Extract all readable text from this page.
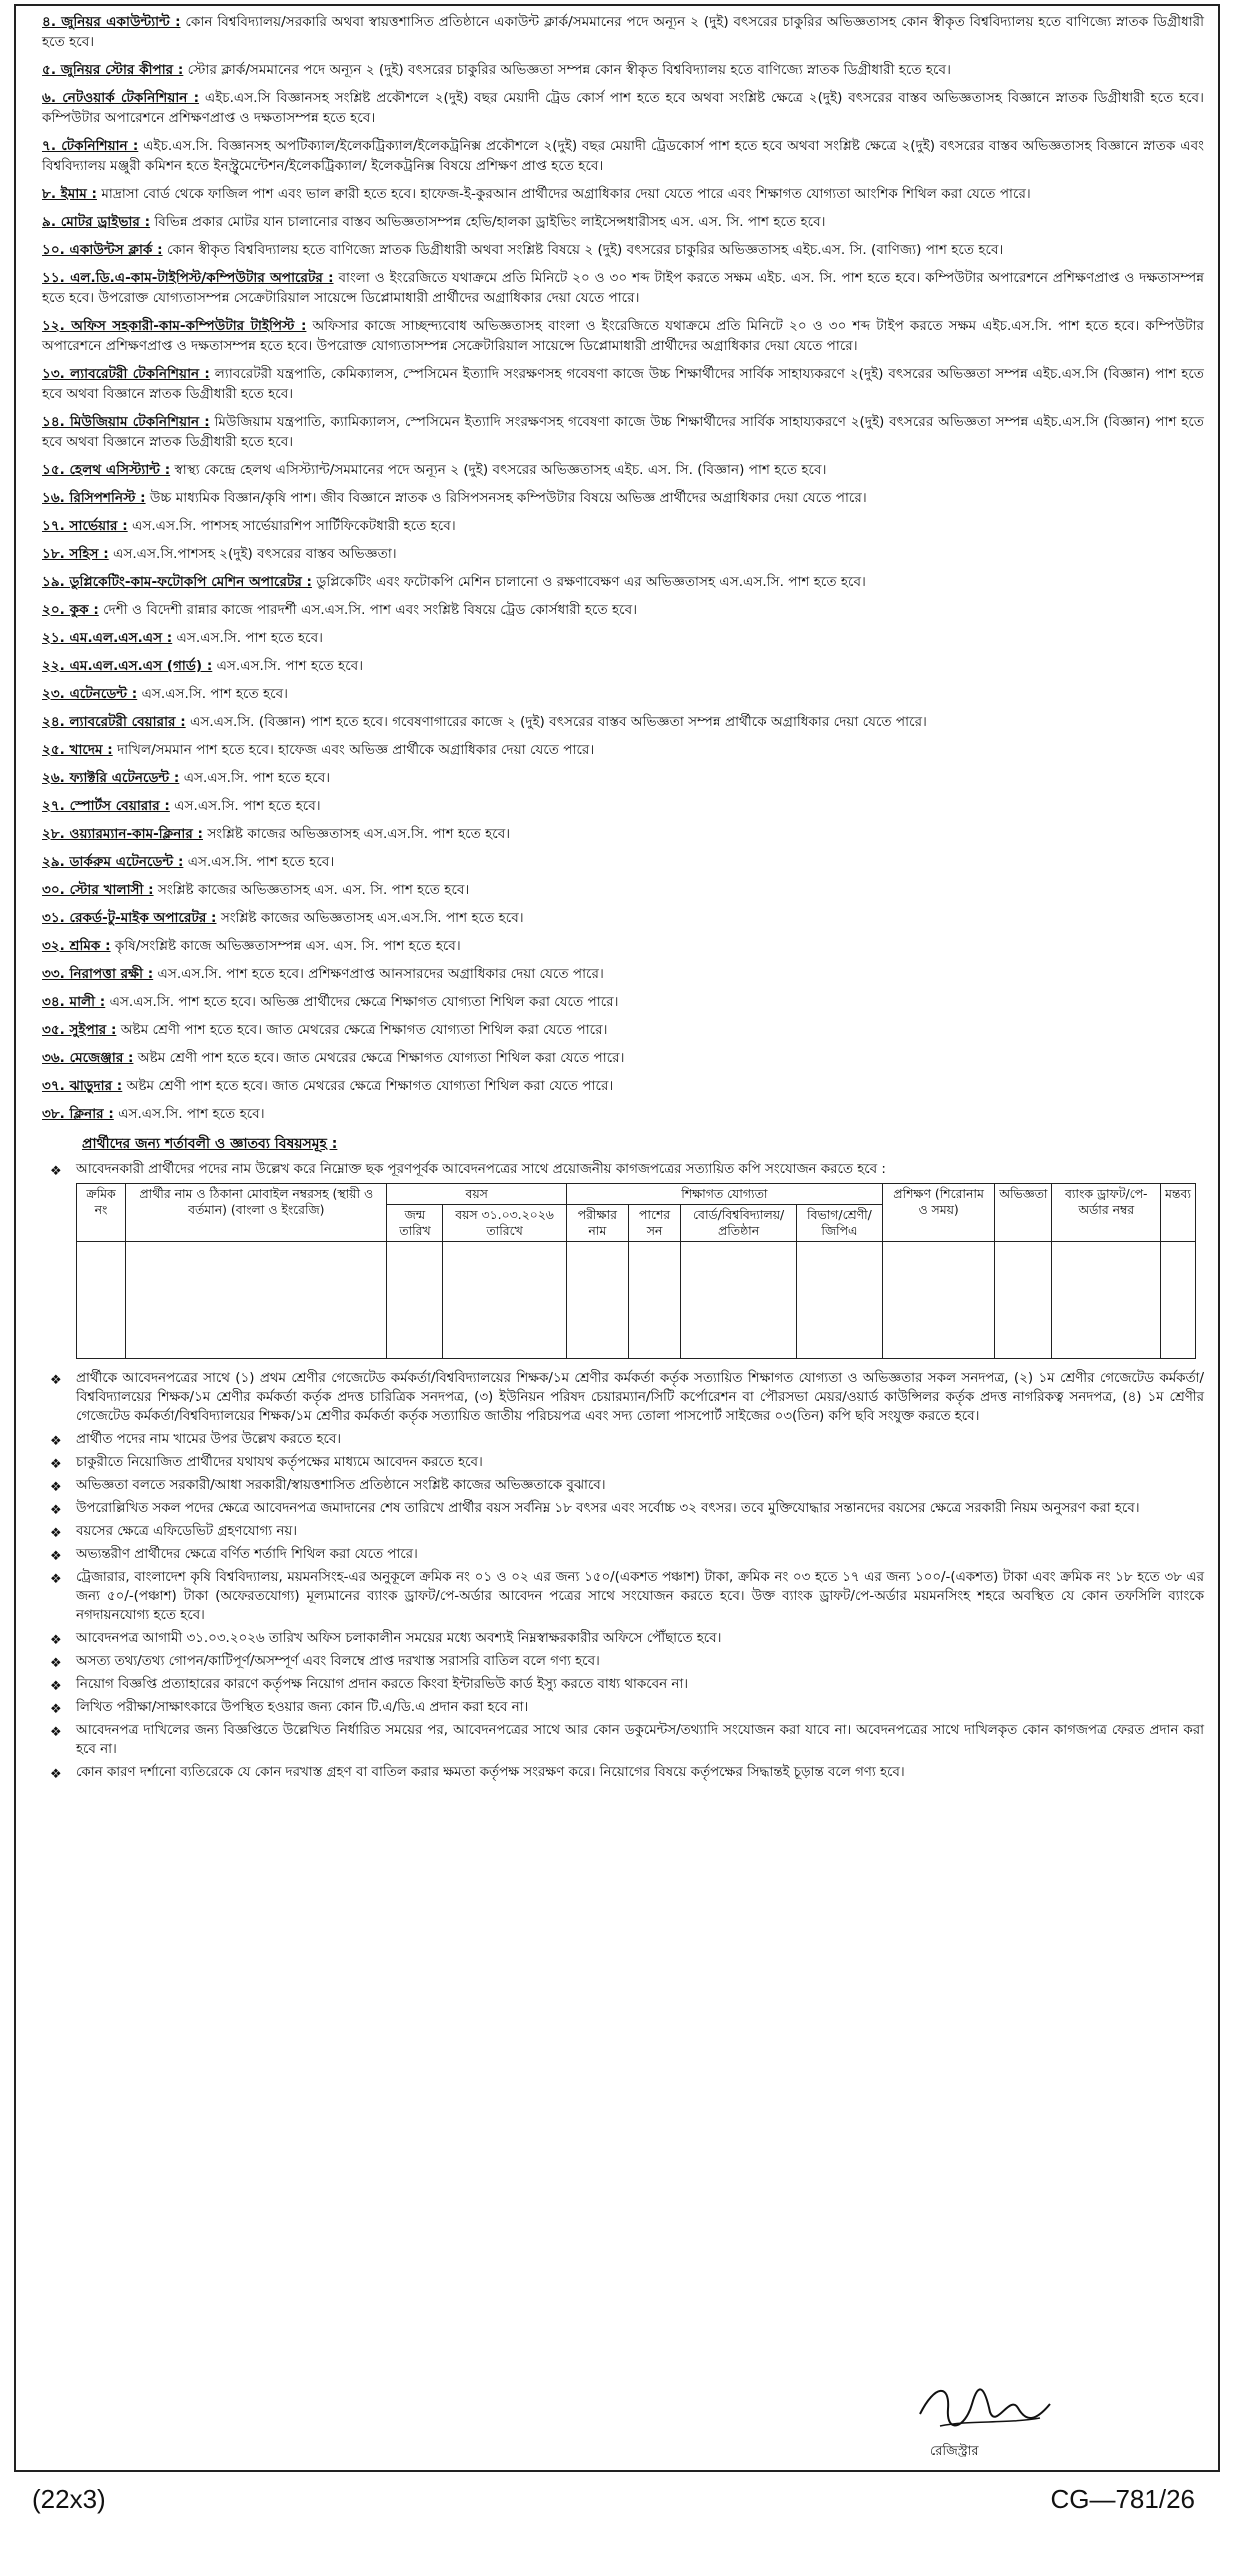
৪. জুনিয়র একাউন্ট্যান্ট : কোন বিশ্ববিদ্যালয়/সরকারি অথবা স্বায়ত্তশাসিত প্রতিষ্ঠানে একাউন্ট ক্লার্ক/সমমানের পদে অন্যূন ২ (দুই) বৎসরের চাকুরির অভিজ্ঞতাসহ কোন স্বীকৃত বিশ্ববিদ্যালয় হতে বাণিজ্যে স্নাতক ডিগ্রীধারী হতে হবে।
৫. জুনিয়র স্টোর কীপার : স্টোর ক্লার্ক/সমমানের পদে অন্যূন ২ (দুই) বৎসরের চাকুরির অভিজ্ঞতা সম্পন্ন কোন স্বীকৃত বিশ্ববিদ্যালয় হতে বাণিজ্যে স্নাতক ডিগ্রীধারী হতে হবে।
৬. নেটওয়ার্ক টেকনিশিয়ান : এইচ.এস.সি বিজ্ঞানসহ সংশ্লিষ্ট প্রকৌশলে ২(দুই) বছর মেয়াদী ট্রেড কোর্স পাশ হতে হবে অথবা সংশ্লিষ্ট ক্ষেত্রে ২(দুই) বৎসরের বাস্তব অভিজ্ঞতাসহ বিজ্ঞানে স্নাতক ডিগ্রীধারী হতে হবে। কম্পিউটার অপারেশনে প্রশিক্ষণপ্রাপ্ত ও দক্ষতাসম্পন্ন হতে হবে।
৭. টেকনিশিয়ান : এইচ.এস.সি. বিজ্ঞানসহ অপটিক্যাল/ইলেকট্রিক্যাল/ইলেকট্রনিক্স প্রকৌশলে ২(দুই) বছর মেয়াদী ট্রেডকোর্স পাশ হতে হবে অথবা সংশ্লিষ্ট ক্ষেত্রে ২(দুই) বৎসরের বাস্তব অভিজ্ঞতাসহ বিজ্ঞানে স্নাতক এবং বিশ্ববিদ্যালয় মঞ্জুরী কমিশন হতে ইনস্ট্রুমেন্টেশন/ইলেকট্রিক্যাল/ ইলেকট্রনিক্স বিষয়ে প্রশিক্ষণ প্রাপ্ত হতে হবে।
৮. ইমাম : মাদ্রাসা বোর্ড থেকে ফাজিল পাশ এবং ভাল ক্বারী হতে হবে। হাফেজ-ই-কুরআন প্রার্থীদের অগ্রাধিকার দেয়া যেতে পারে এবং শিক্ষাগত যোগ্যতা আংশিক শিথিল করা যেতে পারে।
৯. মোটর ড্রাইভার : বিভিন্ন প্রকার মোটর যান চালানোর বাস্তব অভিজ্ঞতাসম্পন্ন হেভি/হালকা ড্রাইভিং লাইসেন্সধারীসহ এস. এস. সি. পাশ হতে হবে।
১০. একাউন্টস ক্লার্ক : কোন স্বীকৃত বিশ্ববিদ্যালয় হতে বাণিজ্যে স্নাতক ডিগ্রীধারী অথবা সংশ্লিষ্ট বিষয়ে ২ (দুই) বৎসরের চাকুরির অভিজ্ঞতাসহ এইচ.এস. সি. (বাণিজ্য) পাশ হতে হবে।
১১. এল.ডি.এ-কাম-টাইপিস্ট/কম্পিউটার অপারেটর : বাংলা ও ইংরেজিতে যথাক্রমে প্রতি মিনিটে ২০ ও ৩০ শব্দ টাইপ করতে সক্ষম এইচ. এস. সি. পাশ হতে হবে। কম্পিউটার অপারেশনে প্রশিক্ষণপ্রাপ্ত ও দক্ষতাসম্পন্ন হতে হবে। উপরোক্ত যোগ্যতাসম্পন্ন সেক্রেটারিয়াল সায়েন্সে ডিপ্লোমাধারী প্রার্থীদের অগ্রাধিকার দেয়া যেতে পারে।
১২. অফিস সহকারী-কাম-কম্পিউটার টাইপিস্ট : অফিসার কাজে সাচ্ছন্দ্যবোধ অভিজ্ঞতাসহ বাংলা ও ইংরেজিতে যথাক্রমে প্রতি মিনিটে ২০ ও ৩০ শব্দ টাইপ করতে সক্ষম এইচ.এস.সি. পাশ হতে হবে। কম্পিউটার অপারেশনে প্রশিক্ষণপ্রাপ্ত ও দক্ষতাসম্পন্ন হতে হবে। উপরোক্ত যোগ্যতাসম্পন্ন সেক্রেটারিয়াল সায়েন্সে ডিপ্লোমাধারী প্রার্থীদের অগ্রাধিকার দেয়া যেতে পারে।
১৩. ল্যাবরেটরী টেকনিশিয়ান : ল্যাবরেটরী যন্ত্রপাতি, কেমিক্যালস, স্পেসিমেন ইত্যাদি সংরক্ষণসহ গবেষণা কাজে উচ্চ শিক্ষার্থীদের সার্বিক সাহায্যকরণে ২(দুই) বৎসরের অভিজ্ঞতা সম্পন্ন এইচ.এস.সি (বিজ্ঞান) পাশ হতে হবে অথবা বিজ্ঞানে স্নাতক ডিগ্রীধারী হতে হবে।
১৪. মিউজিয়াম টেকনিশিয়ান : মিউজিয়াম যন্ত্রপাতি, ক্যামিক্যালস, স্পেসিমেন ইত্যাদি সংরক্ষণসহ গবেষণা কাজে উচ্চ শিক্ষার্থীদের সার্বিক সাহায্যকরণে ২(দুই) বৎসরের অভিজ্ঞতা সম্পন্ন এইচ.এস.সি (বিজ্ঞান) পাশ হতে হবে অথবা বিজ্ঞানে স্নাতক ডিগ্রীধারী হতে হবে।
১৫. হেলথ এসিস্ট্যান্ট : স্বাস্থ্য কেন্দ্রে হেলথ এসিস্ট্যান্ট/সমমানের পদে অন্যূন ২ (দুই) বৎসরের অভিজ্ঞতাসহ এইচ. এস. সি. (বিজ্ঞান) পাশ হতে হবে।
১৬. রিসিপশনিস্ট : উচ্চ মাধ্যমিক বিজ্ঞান/কৃষি পাশ। জীব বিজ্ঞানে স্নাতক ও রিসিপসনসহ কম্পিউটার বিষয়ে অভিজ্ঞ প্রার্থীদের অগ্রাধিকার দেয়া যেতে পারে।
১৭. সার্ভেয়ার : এস.এস.সি. পাশসহ সার্ভেয়ারশিপ সার্টিফিকেটধারী হতে হবে।
১৮. সহিস : এস.এস.সি.পাশসহ ২(দুই) বৎসরের বাস্তব অভিজ্ঞতা।
১৯. ডুপ্লিকেটিং-কাম-ফটোকপি মেশিন অপারেটর : ডুপ্লিকেটিং এবং ফটোকপি মেশিন চালানো ও রক্ষণাবেক্ষণ এর অভিজ্ঞতাসহ এস.এস.সি. পাশ হতে হবে।
২০. কুক : দেশী ও বিদেশী রান্নার কাজে পারদর্শী এস.এস.সি. পাশ এবং সংশ্লিষ্ট বিষয়ে ট্রেড কোর্সধারী হতে হবে।
২১. এম.এল.এস.এস : এস.এস.সি. পাশ হতে হবে।
২২. এম.এল.এস.এস (গার্ড) : এস.এস.সি. পাশ হতে হবে।
২৩. এটেনডেন্ট : এস.এস.সি. পাশ হতে হবে।
২৪. ল্যাবরেটরী বেয়ারার : এস.এস.সি. (বিজ্ঞান) পাশ হতে হবে। গবেষণাগারের কাজে ২ (দুই) বৎসরের বাস্তব অভিজ্ঞতা সম্পন্ন প্রার্থীকে অগ্রাধিকার দেয়া যেতে পারে।
২৫. খাদেম : দাখিল/সমমান পাশ হতে হবে। হাফেজ এবং অভিজ্ঞ প্রার্থীকে অগ্রাধিকার দেয়া যেতে পারে।
২৬. ফ্যাক্টরি এটেনডেন্ট : এস.এস.সি. পাশ হতে হবে।
২৭. স্পোর্টস বেয়ারার : এস.এস.সি. পাশ হতে হবে।
২৮. ওয়্যারম্যান-কাম-ক্লিনার : সংশ্লিষ্ট কাজের অভিজ্ঞতাসহ এস.এস.সি. পাশ হতে হবে।
২৯. ডার্করুম এটেনডেন্ট : এস.এস.সি. পাশ হতে হবে।
৩০. স্টোর খালাসী : সংশ্লিষ্ট কাজের অভিজ্ঞতাসহ এস. এস. সি. পাশ হতে হবে।
৩১. রেকর্ড-টু-মাইক অপারেটর : সংশ্লিষ্ট কাজের অভিজ্ঞতাসহ এস.এস.সি. পাশ হতে হবে।
৩২. শ্রমিক : কৃষি/সংশ্লিষ্ট কাজে অভিজ্ঞতাসম্পন্ন এস. এস. সি. পাশ হতে হবে।
৩৩. নিরাপত্তা রক্ষী : এস.এস.সি. পাশ হতে হবে। প্রশিক্ষণপ্রাপ্ত আনসারদের অগ্রাধিকার দেয়া যেতে পারে।
৩৪. মালী : এস.এস.সি. পাশ হতে হবে। অভিজ্ঞ প্রার্থীদের ক্ষেত্রে শিক্ষাগত যোগ্যতা শিথিল করা যেতে পারে।
৩৫. সুইপার : অষ্টম শ্রেণী পাশ হতে হবে। জাত মেথরের ক্ষেত্রে শিক্ষাগত যোগ্যতা শিথিল করা যেতে পারে।
৩৬. মেজেঞ্জার : অষ্টম শ্রেণী পাশ হতে হবে। জাত মেথরের ক্ষেত্রে শিক্ষাগত যোগ্যতা শিথিল করা যেতে পারে।
৩৭. ঝাড়ুদার : অষ্টম শ্রেণী পাশ হতে হবে। জাত মেথরের ক্ষেত্রে শিক্ষাগত যোগ্যতা শিথিল করা যেতে পারে।
৩৮. ক্লিনার : এস.এস.সি. পাশ হতে হবে।
প্রার্থীদের জন্য শর্তাবলী ও জ্ঞাতব্য বিষয়সমূহ :
❖ আবেদনকারী প্রার্থীদের পদের নাম উল্লেখ করে নিম্নোক্ত ছক পূরণপূর্বক আবেদনপত্রের সাথে প্রয়োজনীয় কাগজপত্রের সত্যায়িত কপি সংযোজন করতে হবে :
ক্রমিক নং	প্রার্থীর নাম ও ঠিকানা মোবাইল নম্বরসহ (স্থায়ী ও বর্তমান) (বাংলা ও ইংরেজি)	বয়স		শিক্ষাগত যোগ্যতা				প্রশিক্ষণ (শিরোনাম ও সময়)	অভিজ্ঞতা	ব্যাংক ড্রাফট/পে-অর্ডার নম্বর	মন্তব্য
		জন্ম তারিখ	বয়স ৩১.০৩.২০২৬ তারিখে	পরীক্ষার নাম	পাশের সন	বোর্ড/বিশ্ববিদ্যালয়/প্রতিষ্ঠান	বিভাগ/শ্রেণী/জিপিএ				

❖ প্রার্থীকে আবেদনপত্রের সাথে (১) প্রথম শ্রেণীর গেজেটেড কর্মকর্তা/বিশ্ববিদ্যালয়ের শিক্ষক/১ম শ্রেণীর কর্মকর্তা কর্তৃক সত্যায়িত শিক্ষাগত যোগ্যতা ও অভিজ্ঞতার সকল সনদপত্র, (২) ১ম শ্রেণীর গেজেটেড কর্মকর্তা/বিশ্ববিদ্যালয়ের শিক্ষক/১ম শ্রেণীর কর্মকর্তা কর্তৃক প্রদত্ত চারিত্রিক সনদপত্র, (৩) ইউনিয়ন পরিষদ চেয়ারম্যান/সিটি কর্পোরেশন বা পৌরসভা মেয়র/ওয়ার্ড কাউন্সিলর কর্তৃক প্রদত্ত নাগরিকত্ব সনদপত্র, (৪) ১ম শ্রেণীর গেজেটেড কর্মকর্তা/বিশ্ববিদ্যালয়ের শিক্ষক/১ম শ্রেণীর কর্মকর্তা কর্তৃক সত্যায়িত জাতীয় পরিচয়পত্র এবং সদ্য তোলা পাসপোর্ট সাইজের ০৩(তিন) কপি ছবি সংযুক্ত করতে হবে।
❖ প্রার্থীত পদের নাম খামের উপর উল্লেখ করতে হবে।
❖ চাকুরীতে নিয়োজিত প্রার্থীদের যথাযথ কর্তৃপক্ষের মাধ্যমে আবেদন করতে হবে।
❖ অভিজ্ঞতা বলতে সরকারী/আধা সরকারী/স্বায়ত্তশাসিত প্রতিষ্ঠানে সংশ্লিষ্ট কাজের অভিজ্ঞতাকে বুঝাবে।
❖ উপরোল্লিখিত সকল পদের ক্ষেত্রে আবেদনপত্র জমাদানের শেষ তারিখে প্রার্থীর বয়স সর্বনিম্ন ১৮ বৎসর এবং সর্বোচ্চ ৩২ বৎসর। তবে মুক্তিযোদ্ধার সন্তানদের বয়সের ক্ষেত্রে সরকারী নিয়ম অনুসরণ করা হবে।
❖ বয়সের ক্ষেত্রে এফিডেভিট গ্রহণযোগ্য নয়।
❖ অভ্যন্তরীণ প্রার্থীদের ক্ষেত্রে বর্ণিত শর্তাদি শিথিল করা যেতে পারে।
❖ ট্রেজারার, বাংলাদেশ কৃষি বিশ্ববিদ্যালয়, ময়মনসিংহ-এর অনুকূলে ক্রমিক নং ০১ ও ০২ এর জন্য ১৫০/(একশত পঞ্চাশ) টাকা, ক্রমিক নং ০৩ হতে ১৭ এর জন্য ১০০/-(একশত) টাকা এবং ক্রমিক নং ১৮ হতে ৩৮ এর জন্য ৫০/-(পঞ্চাশ) টাকা (অফেরতযোগ্য) মূল্যমানের ব্যাংক ড্রাফট/পে-অর্ডার আবেদন পত্রের সাথে সংযোজন করতে হবে। উক্ত ব্যাংক ড্রাফট/পে-অর্ডার ময়মনসিংহ শহরে অবস্থিত যে কোন তফসিলি ব্যাংকে নগদায়নযোগ্য হতে হবে।
❖ আবেদনপত্র আগামী ৩১.০৩.২০২৬ তারিখ অফিস চলাকালীন সময়ের মধ্যে অবশ্যই নিম্নস্বাক্ষরকারীর অফিসে পৌঁছাতে হবে।
❖ অসত্য তথ্য/তথ্য গোপন/কাটিপূর্ণ/অসম্পূর্ণ এবং বিলম্বে প্রাপ্ত দরখাস্ত সরাসরি বাতিল বলে গণ্য হবে।
❖ নিয়োগ বিজ্ঞপ্তি প্রত্যাহারের কারণে কর্তৃপক্ষ নিয়োগ প্রদান করতে কিংবা ইন্টারভিউ কার্ড ইস্যু করতে বাধ্য থাকবেন না।
❖ লিখিত পরীক্ষা/সাক্ষাৎকারে উপস্থিত হওয়ার জন্য কোন টি.এ/ডি.এ প্রদান করা হবে না।
❖ আবেদনপত্র দাখিলের জন্য বিজ্ঞপ্তিতে উল্লেখিত নির্ধারিত সময়ের পর, আবেদনপত্রের সাথে আর কোন ডকুমেন্টস/তথ্যাদি সংযোজন করা যাবে না। অবেদনপত্রের সাথে দাখিলকৃত কোন কাগজপত্র ফেরত প্রদান করা হবে না।
❖ কোন কারণ দর্শানো ব্যতিরেকে যে কোন দরখাস্ত গ্রহণ বা বাতিল করার ক্ষমতা কর্তৃপক্ষ সংরক্ষণ করে। নিয়োগের বিষয়ে কর্তৃপক্ষের সিদ্ধান্তই চূড়ান্ত বলে গণ্য হবে।
রেজিস্ট্রার
(22x3)	CG—781/26
